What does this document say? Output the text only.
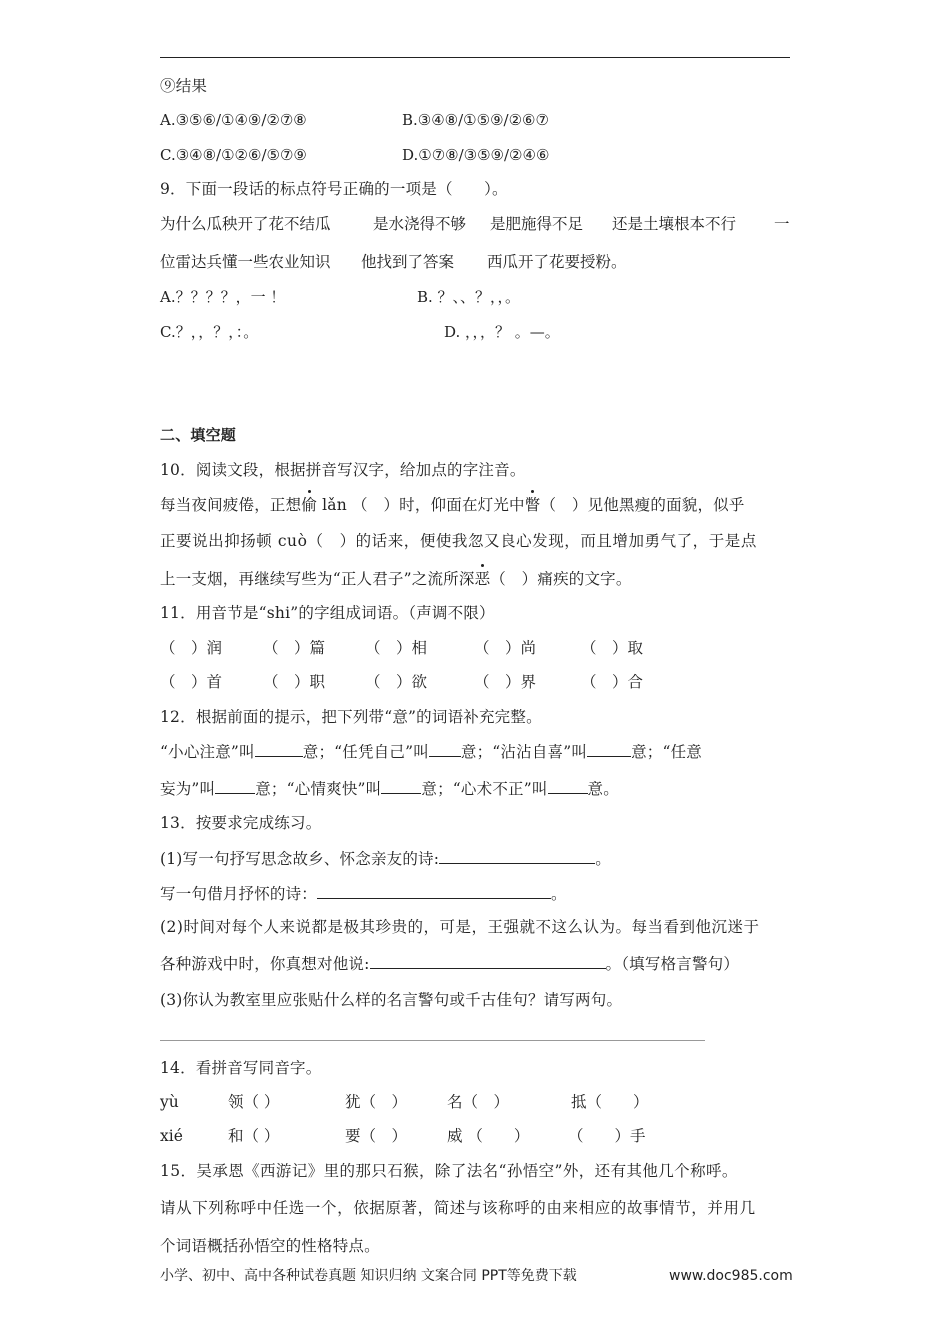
⑨结果
A.③⑤⑥/①④⑨/②⑦⑧	B.③④⑧/①⑤⑨/②⑥⑦
C.③④⑧/①②⑥/⑤⑦⑨	D.①⑦⑧/③⑤⑨/②④⑥
9．下面一段话的标点符号正确的一项是（　　）。
为什么瓜秧开了花不结瓜	是水浇得不够 是肥施得不足 还是土壤根本不行 一
位雷达兵懂一些农业知识 他找到了答案 西瓜开了花要授粉。
A.？？？？，一 ！	B. ？、、？，，。
C.？，，？，：。	D. ，，，？ 。—。
二、填空题
10．阅读文段，根据拼音写汉字，给加点的字注音。
每当夜间疲倦，正想偷 lǎn （　）时，仰面在灯光中瞥（　）见他黑瘦的面貌，似乎
正要说出抑扬顿 cuò（　）的话来，便使我忽又良心发现，而且增加勇气了，于是点
上一支烟，再继续写些为“正人君子”之流所深恶（　）痛疾的文字。
11．用音节是“shi”的字组成词语。（声调不限）
（　）润	（　）篇	（　）相	（　）尚	（　）取
（　）首	（　）职	（　）欲	（　）界	（　）合
12．根据前面的提示，把下列带“意”的词语补充完整。
“小心注意”叫	意；“任凭自己”叫 意；“沾沾自喜”叫	意；“任意
妄为”叫	意；“心情爽快”叫	意；“心术不正”叫	意。
13．按要求完成练习。
(1)写一句抒写思念故乡、怀念亲友的诗:	。
写一句借月抒怀的诗：	。
(2)时间对每个人来说都是极其珍贵的，可是，王强就不这么认为。每当看到他沉迷于
各种游戏中时，你真想对他说:	。（填写格言警句）
(3)你认为教室里应张贴什么样的名言警句或千古佳句？请写两句。
14．看拼音写同音字。
yù	领（ ）	犹（　）	名（　）	抵（　　）
xié	和（ ）	要（　）	威 （　　） （　　）手
15．吴承恩《西游记》里的那只石猴，除了法名“孙悟空”外，还有其他几个称呼。
请从下列称呼中任选一个，依据原著，简述与该称呼的由来相应的故事情节，并用几
个词语概括孙悟空的性格特点。
小学、初中、高中各种试卷真题 知识归纳 文案合同 PPT等免费下载	www.doc985.com
